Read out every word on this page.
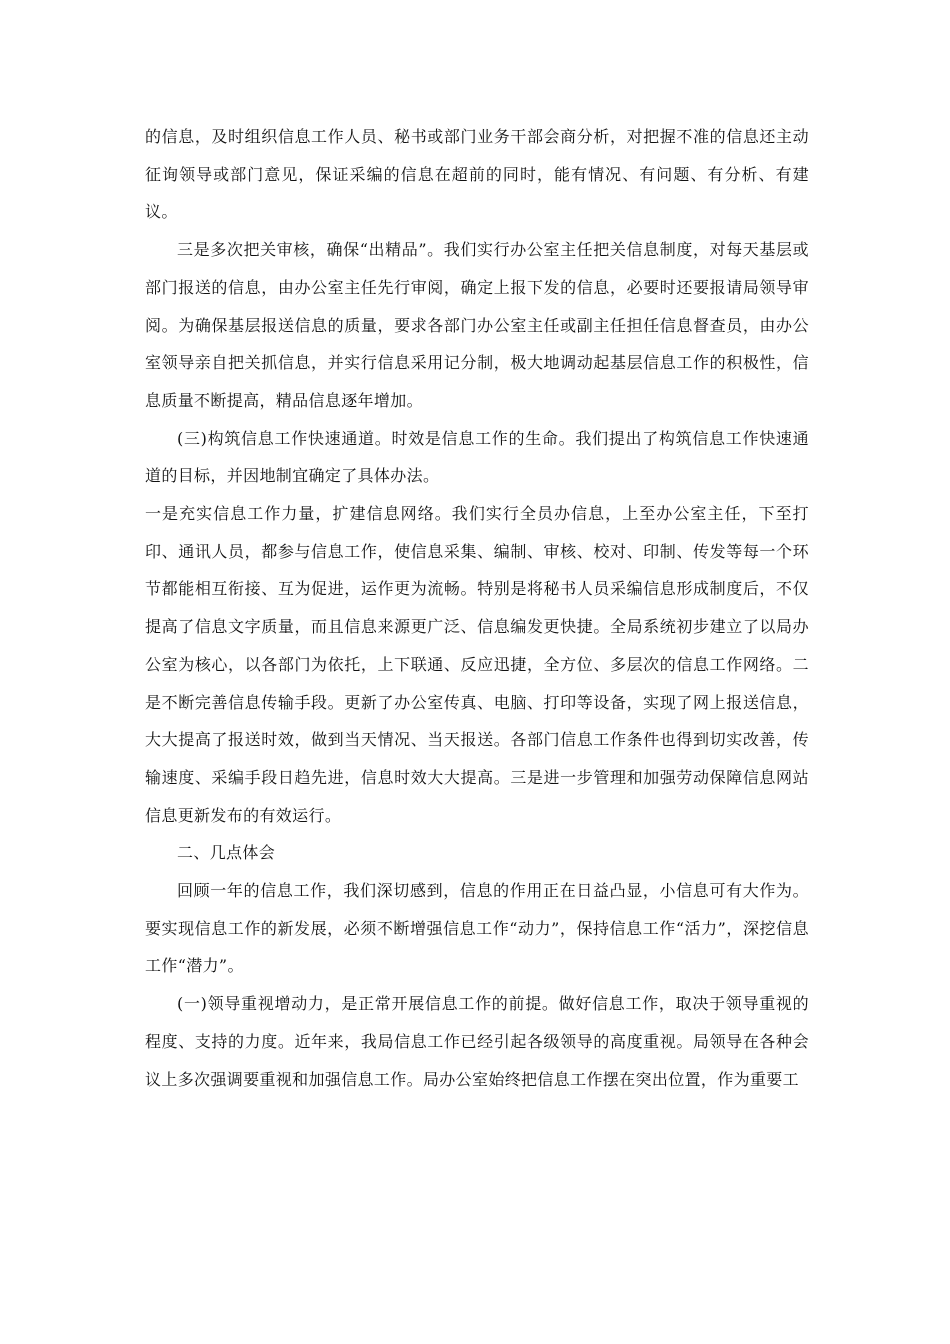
的信息，及时组织信息工作人员、秘书或部门业务干部会商分析，对把握不准的信息还主动征询领导或部门意见，保证采编的信息在超前的同时，能有情况、有问题、有分析、有建议。

三是多次把关审核，确保“出精品”。我们实行办公室主任把关信息制度，对每天基层或部门报送的信息，由办公室主任先行审阅，确定上报下发的信息，必要时还要报请局领导审阅。为确保基层报送信息的质量，要求各部门办公室主任或副主任担任信息督查员，由办公室领导亲自把关抓信息，并实行信息采用记分制，极大地调动起基层信息工作的积极性，信息质量不断提高，精品信息逐年增加。

(三)构筑信息工作快速通道。时效是信息工作的生命。我们提出了构筑信息工作快速通道的目标，并因地制宜确定了具体办法。

一是充实信息工作力量，扩建信息网络。我们实行全员办信息，上至办公室主任，下至打印、通讯人员，都参与信息工作，使信息采集、编制、审核、校对、印制、传发等每一个环节都能相互衔接、互为促进，运作更为流畅。特别是将秘书人员采编信息形成制度后，不仅提高了信息文字质量，而且信息来源更广泛、信息编发更快捷。全局系统初步建立了以局办公室为核心，以各部门为依托，上下联通、反应迅捷，全方位、多层次的信息工作网络。二是不断完善信息传输手段。更新了办公室传真、电脑、打印等设备，实现了网上报送信息，大大提高了报送时效，做到当天情况、当天报送。各部门信息工作条件也得到切实改善，传输速度、采编手段日趋先进，信息时效大大提高。三是进一步管理和加强劳动保障信息网站信息更新发布的有效运行。

二、几点体会

回顾一年的信息工作，我们深切感到，信息的作用正在日益凸显，小信息可有大作为。要实现信息工作的新发展，必须不断增强信息工作“动力”，保持信息工作“活力”，深挖信息工作“潜力”。

(一)领导重视增动力，是正常开展信息工作的前提。做好信息工作，取决于领导重视的程度、支持的力度。近年来，我局信息工作已经引起各级领导的高度重视。局领导在各种会议上多次强调要重视和加强信息工作。局办公室始终把信息工作摆在突出位置，作为重要工
